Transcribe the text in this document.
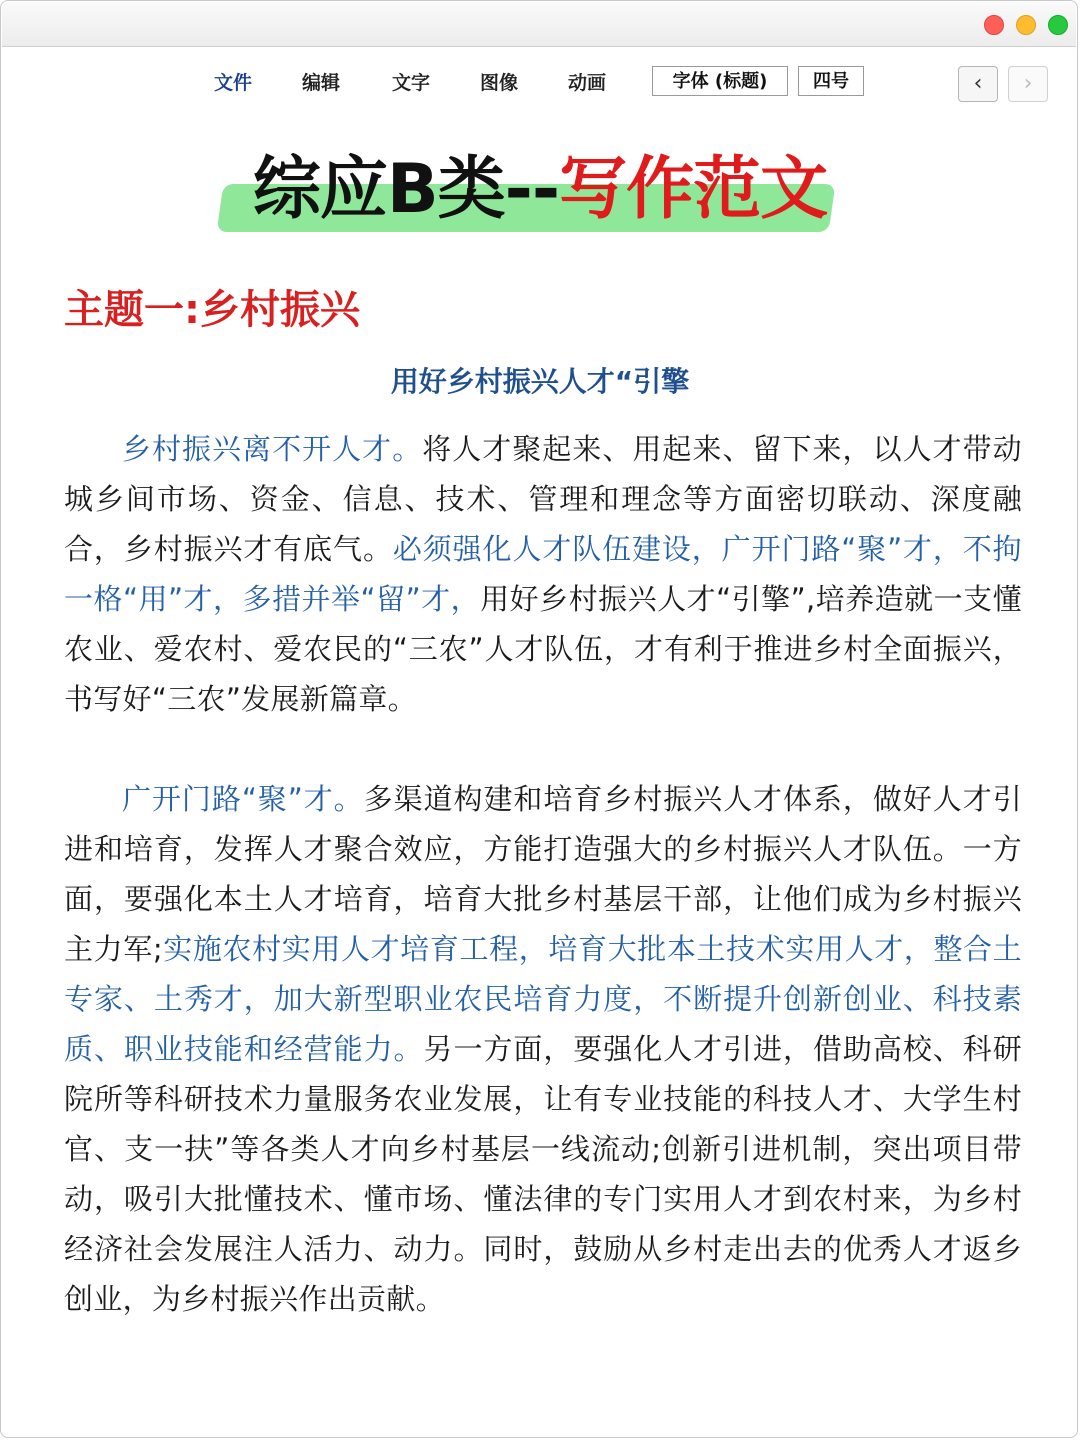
文件	编辑	文字	图像	动画	字体 (标题)	四号	‹	›
综应B类--写作范文
主题一:乡村振兴
用好乡村振兴人才“引擎

乡村振兴离不开人才。将人才聚起来、用起来、留下来，以人才带动城乡间市场、资金、信息、技术、管理和理念等方面密切联动、深度融合，乡村振兴才有底气。必须强化人才队伍建设，广开门路“聚”才，不拘一格“用”才，多措并举“留”才，用好乡村振兴人才“引擎”,培养造就一支懂农业、爱农村、爱农民的“三农”人才队伍，才有利于推进乡村全面振兴，书写好“三农”发展新篇章。

广开门路“聚”才。多渠道构建和培育乡村振兴人才体系，做好人才引进和培育，发挥人才聚合效应，方能打造强大的乡村振兴人才队伍。一方面，要强化本土人才培育，培育大批乡村基层干部，让他们成为乡村振兴主力军;实施农村实用人才培育工程，培育大批本土技术实用人才，整合土专家、土秀才，加大新型职业农民培育力度，不断提升创新创业、科技素质、职业技能和经营能力。另一方面，要强化人才引进，借助高校、科研院所等科研技术力量服务农业发展，让有专业技能的科技人才、大学生村官、支一扶”等各类人才向乡村基层一线流动;创新引进机制，突出项目带动，吸引大批懂技术、懂市场、懂法律的专门实用人才到农村来，为乡村经济社会发展注人活力、动力。同时，鼓励从乡村走出去的优秀人才返乡创业，为乡村振兴作出贡献。
